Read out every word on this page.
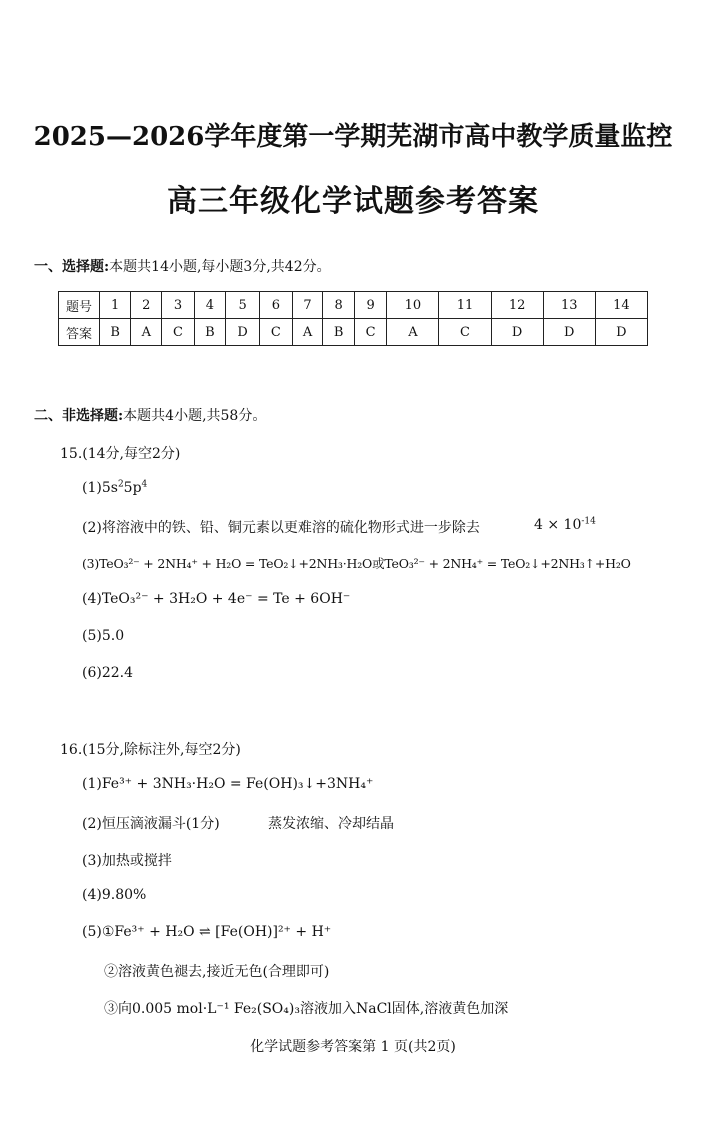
2025—2026学年度第一学期芜湖市高中教学质量监控
高三年级化学试题参考答案
一、选择题:本题共14小题,每小题3分,共42分。
题号	1	2	3	4	5	6	7	8	9	10	11	12	13	14
答案	B	A	C	B	D	C	A	B	C	A	C	D	D	D
二、非选择题:本题共4小题,共58分。
15.(14分,每空2分)
$(1)5s^25p^4$
(2)将溶液中的铁、铅、铜元素以更难溶的硫化物形式进一步除去	$4 \times 10^{-14}$
(3)TeO₃²⁻ + 2NH₄⁺ + H₂O = TeO₂↓+2NH₃·H₂O或TeO₃²⁻ + 2NH₄⁺ = TeO₂↓+2NH₃↑+H₂O
(4)TeO₃²⁻ + 3H₂O + 4e⁻ = Te + 6OH⁻
(5)5.0
(6)22.4
16.(15分,除标注外,每空2分)
(1)Fe³⁺ + 3NH₃·H₂O = Fe(OH)₃↓+3NH₄⁺
(2)恒压滴液漏斗(1分)	蒸发浓缩、冷却结晶
(3)加热或搅拌
(4)9.80%
(5)①Fe³⁺ + H₂O ⇌ [Fe(OH)]²⁺ + H⁺
②溶液黄色褪去,接近无色(合理即可)
③向0.005 mol·L⁻¹ Fe₂(SO₄)₃溶液加入NaCl固体,溶液黄色加深
化学试题参考答案第 1 页(共2页)
